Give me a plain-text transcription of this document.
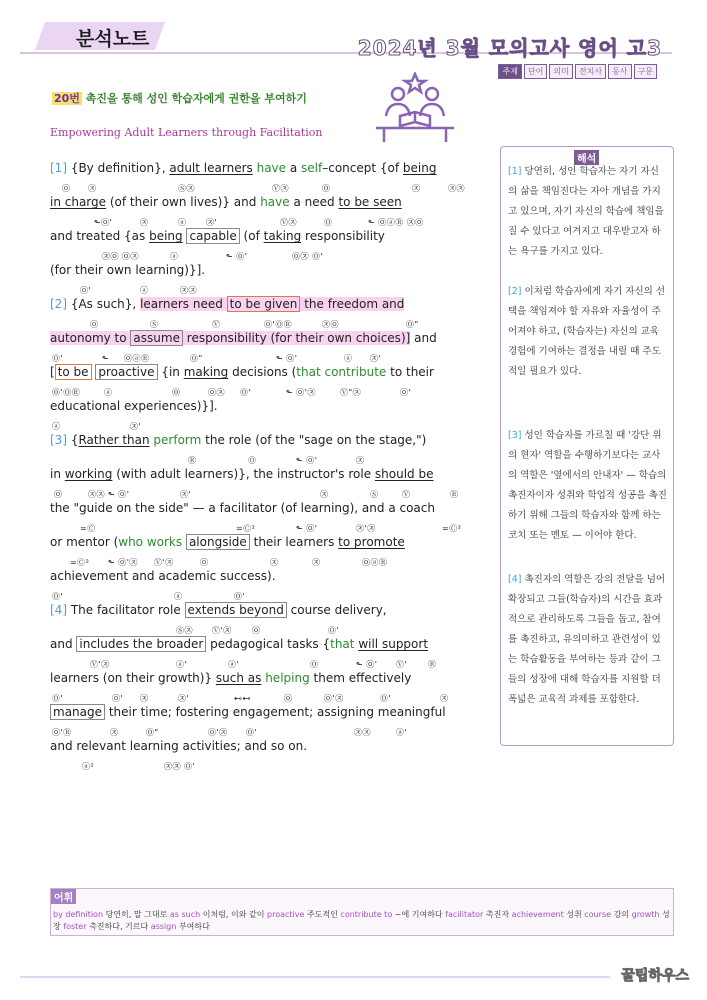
분석노트	2024년 3월 모의고사 영어 고3
주제	단어	의미	전치사	동사	구문
20번 촉진을 통해 성인 학습자에게 권한을 부여하기
Empowering Adult Learners through Facilitation
[1] {By definition}, adult learners have a self–concept {of being
㉧ ㉨	Ⓢ㉨	Ⓥ㉨	Ⓞ	㉨	㉨㉨
in charge (of their own lives)} and have a need to be seen
⬑㉧'	㉨	ⓐ ㉨'	Ⓥ㉨	Ⓞ	⬑ ㉧ⓐⓇ ㉨㉧
and treated {as being capable (of taking responsibility
㉨㉧ ㉧㉨	ⓐ	⬑ ㉧'	㉧㉨ Ⓞ'
(for their own learning)}].
㉧'	ⓐ	㉨㉨
[2] {As such}, learners need to be given the freedom and
㉧	Ⓢ	Ⓥ	㉧'ⓄⓇ	㉨㉧	Ⓞ"
autonomy to assume responsibility (for their own choices)] and
Ⓞ'	⬑ ㉧ⓐⓇ	Ⓞ"	⬑ ㉧'	ⓐ ㉨'
[ to be proactive {in making decisions (that contribute to their
㉧'ⓄⓇ	ⓐ	㉧	㉧㉨ Ⓞ'	⬑ ㉧'㉨	Ⓥ"㉨	㉧'
educational experiences)}].
ⓐ	㉨'
[3] {Rather than perform the role (of the "sage on the stage,")
Ⓡ	Ⓞ	⬑ ㉧'	㉨
in working (with adult learners)}, the instructor's role should be
㉧	㉨㉨ ⬑ ㉧'	㉨'	㉨	Ⓢ	Ⓥ	Ⓡ
the "guide on the side" — a facilitator (of learning), and a coach
=Ⓒ	=Ⓒ²	⬑ ㉧'	㉨'㉨	=Ⓒ²
or mentor (who works alongside their learners to promote
=Ⓒ² ⬑ ㉧'㉨ Ⓥ'㉨	㉧	㉨	㉨	㉧ⓐⓇ
achievement and academic success).
Ⓞ'	ⓐ	Ⓞ'
[4] The facilitator role extends beyond course delivery,
Ⓢ㉨ Ⓥ'㉨	㉧	Ⓞ'
and includes the broader pedagogical tasks {that will support
Ⓥ'㉨	ⓐ'	ⓐ'	Ⓞ	⬑ ㉧' Ⓥ'	Ⓡ
learners (on their growth)} such as helping them effectively
Ⓞ'	㉧' ㉨	㉨'	⊷⊷	㉧	㉧'㉨	Ⓞ'	㉨
manage their time; fostering engagement; assigning meaningful
㉧'Ⓡ	㉨	Ⓞ"	㉧'㉨ Ⓞ'	㉨㉨	ⓐ'
and relevant learning activities; and so on.
ⓐ²	㉨㉨ Ⓞ'
해석

[1] 당연히, 성인 학습자는 자기 자신의 삶을 책임진다는 자아 개념을 가지고 있으며, 자기 자신의 학습에 책임을 질 수 있다고 여겨지고 대우받고자 하는 욕구를 가지고 있다.

[2] 이처럼 학습자에게 자기 자신의 선택을 책임져야 할 자유와 자율성이 주어져야 하고, (학습자는) 자신의 교육 경험에 기여하는 결정을 내릴 때 주도적일 필요가 있다.

[3] 성인 학습자를 가르칠 때 '강단 위의 현자' 역할을 수행하기보다는 교사의 역할은 '옆에서의 안내자' — 학습의 촉진자이자 성취와 학업적 성공을 촉진하기 위해 그들의 학습자와 함께 하는 코치 또는 멘토 — 이어야 한다.

[4] 촉진자의 역할은 강의 전달을 넘어 확장되고 그들(학습자)의 시간을 효과적으로 관리하도록 그들을 돕고, 참여를 촉진하고, 유의미하고 관련성이 있는 학습활동을 부여하는 등과 같이 그들의 성장에 대해 학습자를 지원할 더 폭넓은 교육적 과제를 포함한다.

어휘
by definition 당연히, 말 그대로 as such 이처럼, 이와 같이 proactive 주도적인 contribute to ~에 기여하다 facilitator 촉진자 achievement 성취 course 강의 growth 성장 foster 촉진하다, 기르다 assign 부여하다
꿀팁하우스
